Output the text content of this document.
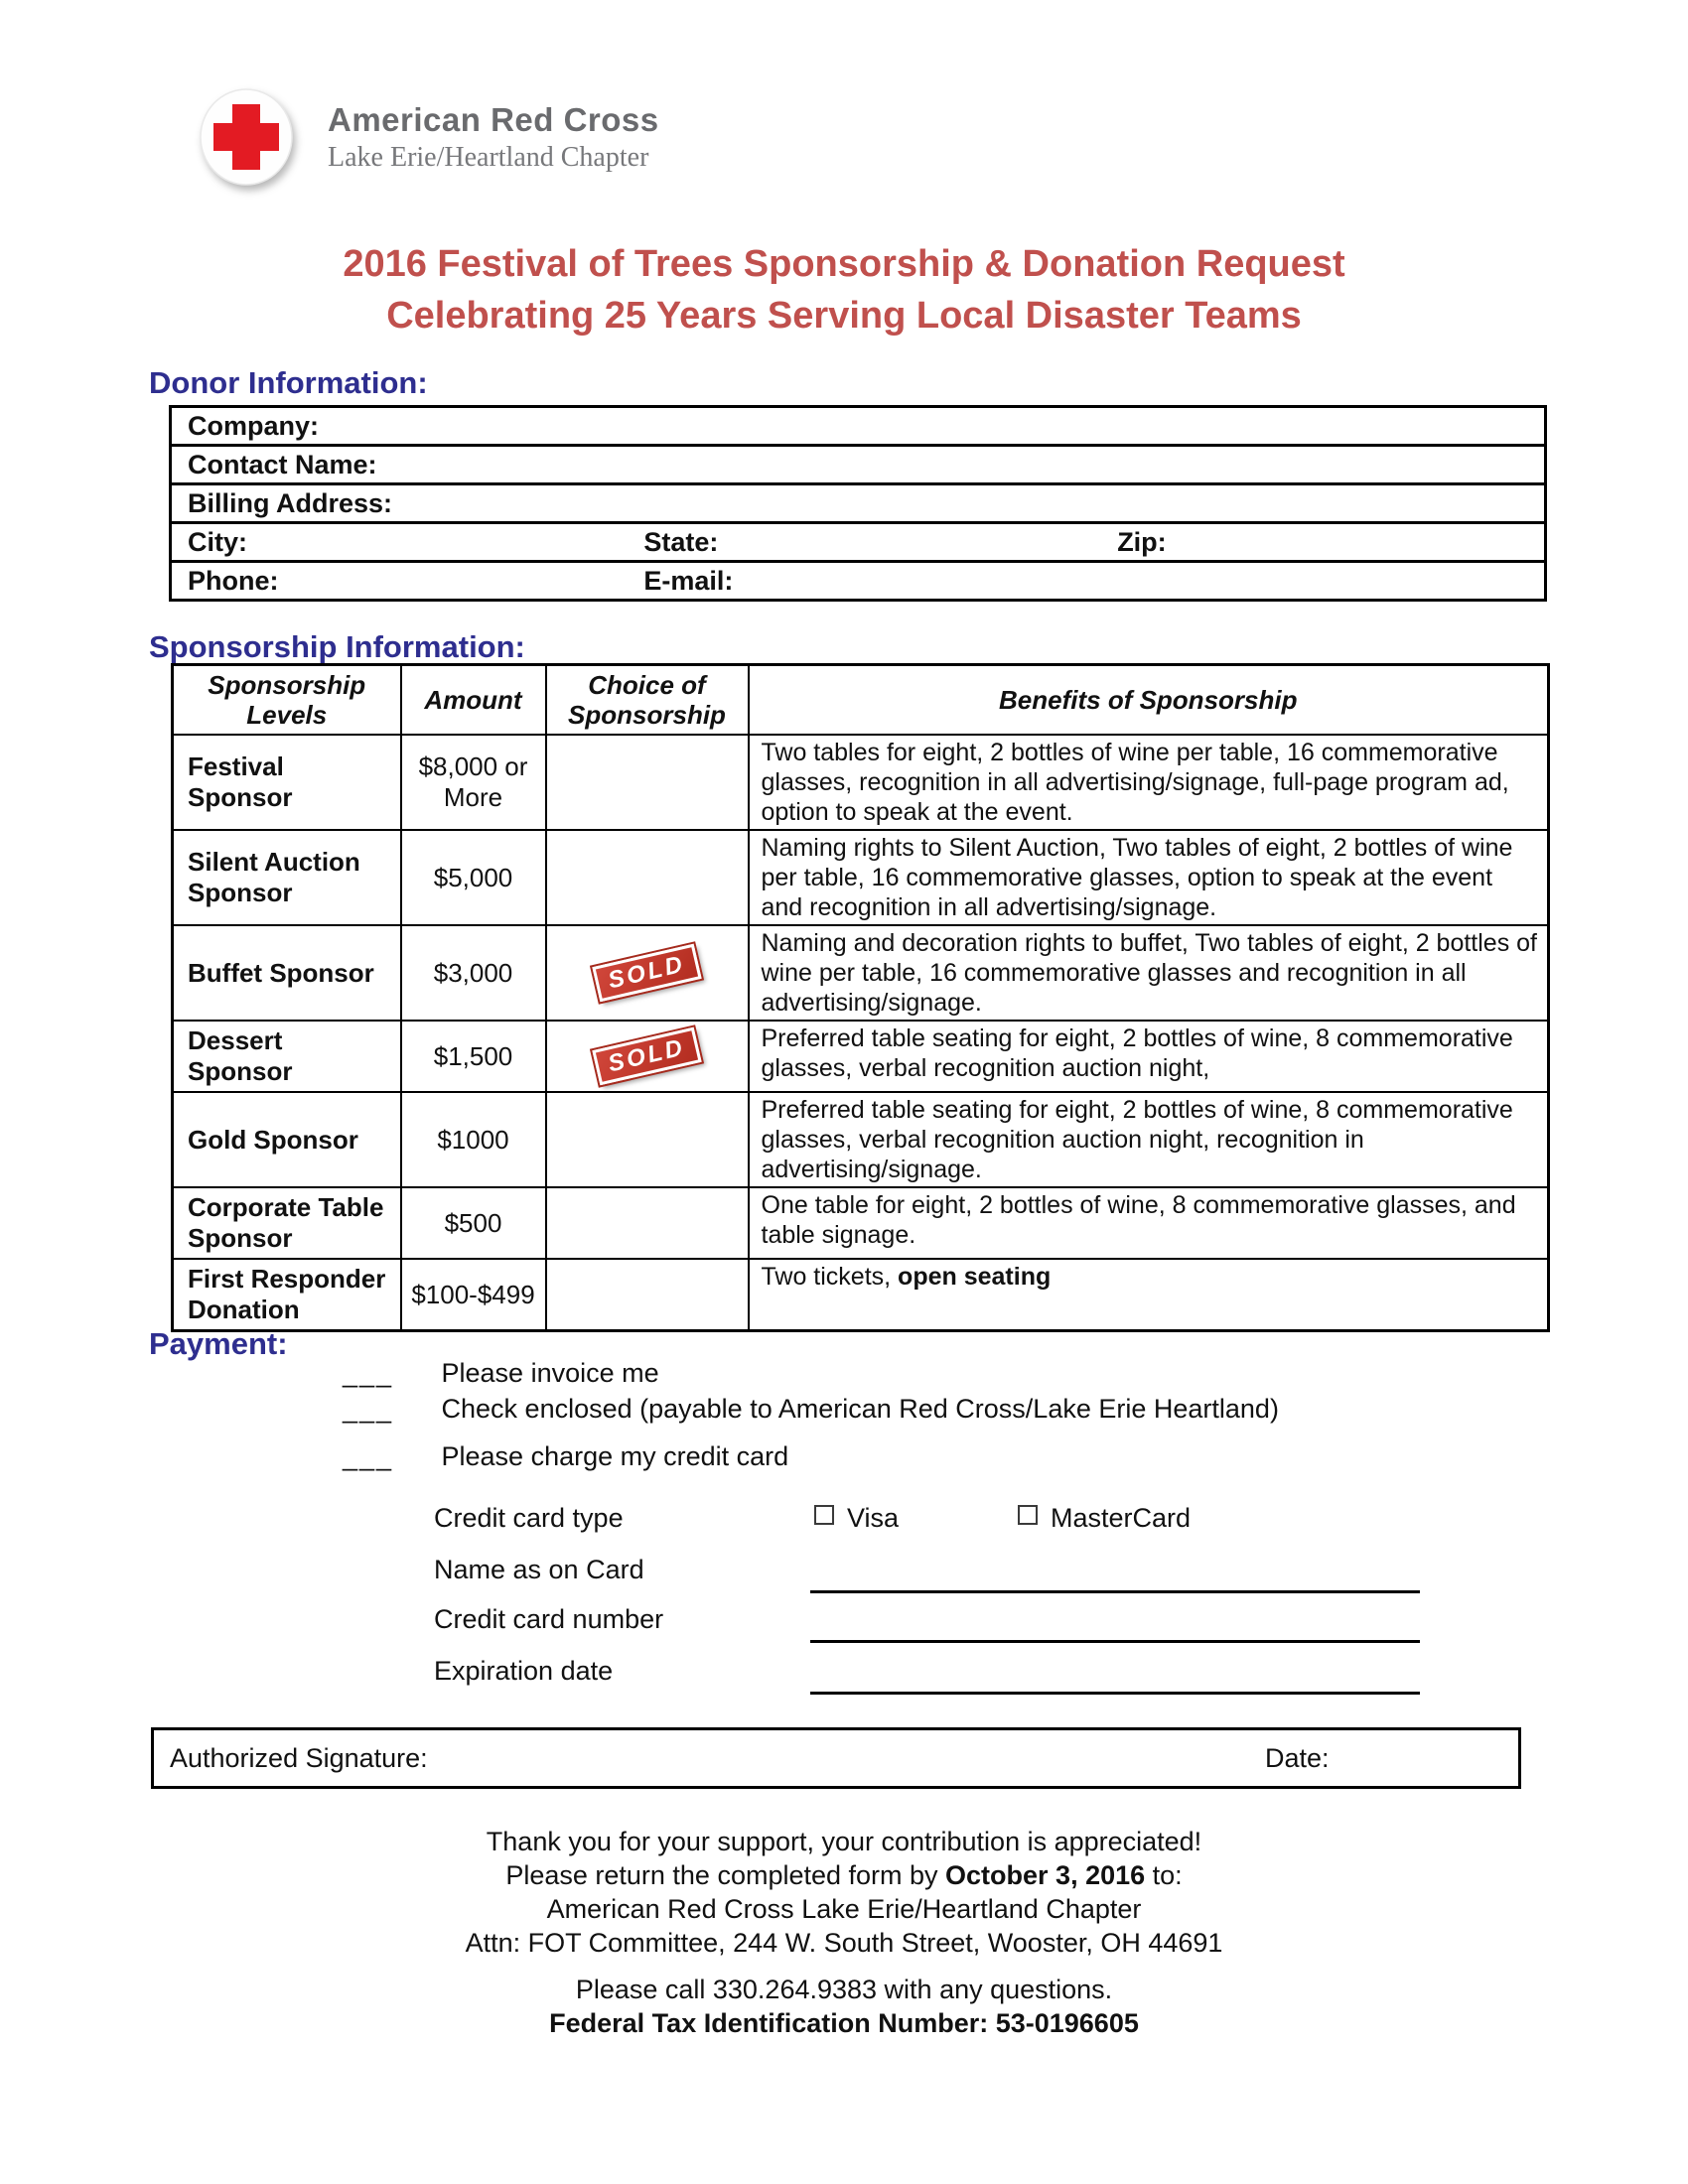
American Red Cross
Lake Erie/Heartland Chapter
2016 Festival of Trees Sponsorship & Donation Request
Celebrating 25 Years Serving Local Disaster Teams
Donor Information:
Company:
Contact Name:
Billing Address:
City:	State:	Zip:
Phone:	E-mail:
Sponsorship Information:
Sponsorship Levels	Amount	Choice of Sponsorship	Benefits of Sponsorship
Festival Sponsor	$8,000 or More		Two tables for eight, 2 bottles of wine per table, 16 commemorative glasses, recognition in all advertising/signage, full-page program ad, option to speak at the event.
Silent Auction Sponsor	$5,000		Naming rights to Silent Auction, Two tables of eight, 2 bottles of wine per table, 16 commemorative glasses, option to speak at the event and recognition in all advertising/signage.
Buffet Sponsor	$3,000	SOLD	Naming and decoration rights to buffet, Two tables of eight, 2 bottles of wine per table, 16 commemorative glasses and recognition in all advertising/signage.
Dessert Sponsor	$1,500	SOLD	Preferred table seating for eight, 2 bottles of wine, 8 commemorative glasses, verbal recognition auction night,
Gold Sponsor	$1000		Preferred table seating for eight, 2 bottles of wine, 8 commemorative glasses, verbal recognition auction night, recognition in advertising/signage.
Corporate Table Sponsor	$500		One table for eight, 2 bottles of wine, 8 commemorative glasses, and table signage.
First Responder Donation	$100-$499		Two tickets, open seating
Payment:
___ Please invoice me
___ Check enclosed (payable to American Red Cross/Lake Erie Heartland)
___ Please charge my credit card
Credit card type	Visa	MasterCard
Name as on Card
Credit card number
Expiration date
Authorized Signature:	Date:
Thank you for your support, your contribution is appreciated!
Please return the completed form by October 3, 2016 to:
American Red Cross Lake Erie/Heartland Chapter
Attn: FOT Committee, 244 W. South Street, Wooster, OH 44691
Please call 330.264.9383 with any questions.
Federal Tax Identification Number: 53-0196605
